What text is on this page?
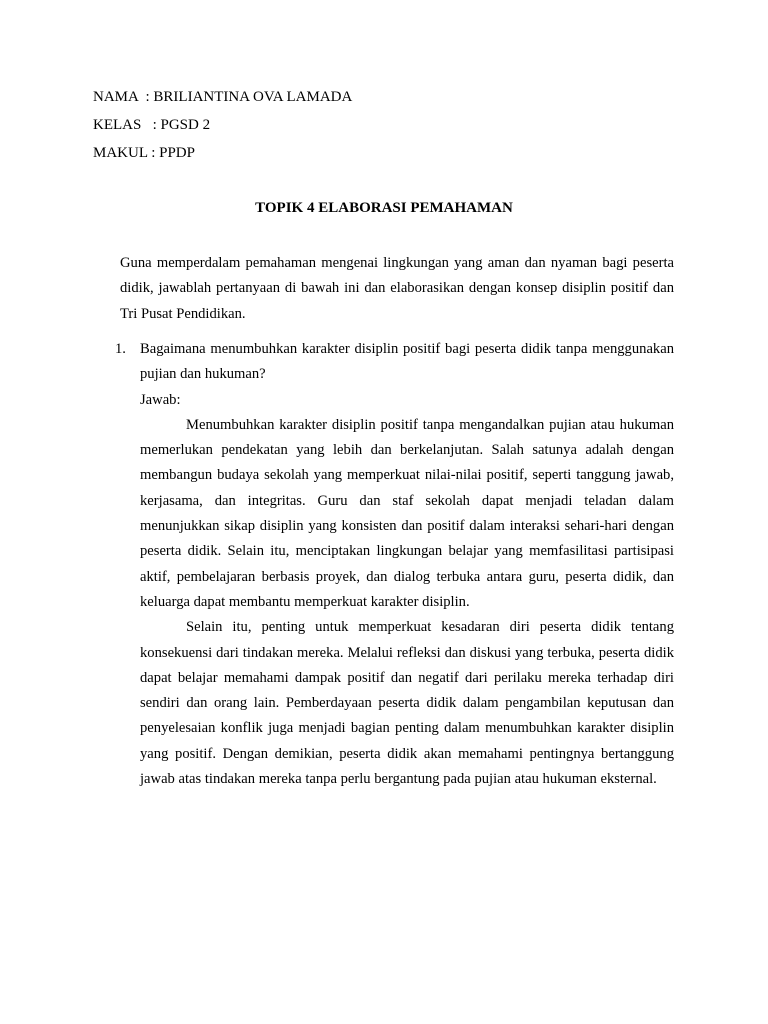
NAMA  : BRILIANTINA OVA LAMADA
KELAS   : PGSD 2
MAKUL : PPDP
TOPIK 4 ELABORASI PEMAHAMAN

Guna memperdalam pemahaman mengenai lingkungan yang aman dan nyaman bagi peserta didik, jawablah pertanyaan di bawah ini dan elaborasikan dengan konsep disiplin positif dan Tri Pusat Pendidikan.

1. Bagaimana menumbuhkan karakter disiplin positif bagi peserta didik tanpa menggunakan pujian dan hukuman?

Jawab:

Menumbuhkan karakter disiplin positif tanpa mengandalkan pujian atau hukuman memerlukan pendekatan yang lebih dan berkelanjutan. Salah satunya adalah dengan membangun budaya sekolah yang memperkuat nilai-nilai positif, seperti tanggung jawab, kerjasama, dan integritas. Guru dan staf sekolah dapat menjadi teladan dalam menunjukkan sikap disiplin yang konsisten dan positif dalam interaksi sehari-hari dengan peserta didik. Selain itu, menciptakan lingkungan belajar yang memfasilitasi partisipasi aktif, pembelajaran berbasis proyek, dan dialog terbuka antara guru, peserta didik, dan keluarga dapat membantu memperkuat karakter disiplin.

Selain itu, penting untuk memperkuat kesadaran diri peserta didik tentang konsekuensi dari tindakan mereka. Melalui refleksi dan diskusi yang terbuka, peserta didik dapat belajar memahami dampak positif dan negatif dari perilaku mereka terhadap diri sendiri dan orang lain. Pemberdayaan peserta didik dalam pengambilan keputusan dan penyelesaian konflik juga menjadi bagian penting dalam menumbuhkan karakter disiplin yang positif. Dengan demikian, peserta didik akan memahami pentingnya bertanggung jawab atas tindakan mereka tanpa perlu bergantung pada pujian atau hukuman eksternal.
